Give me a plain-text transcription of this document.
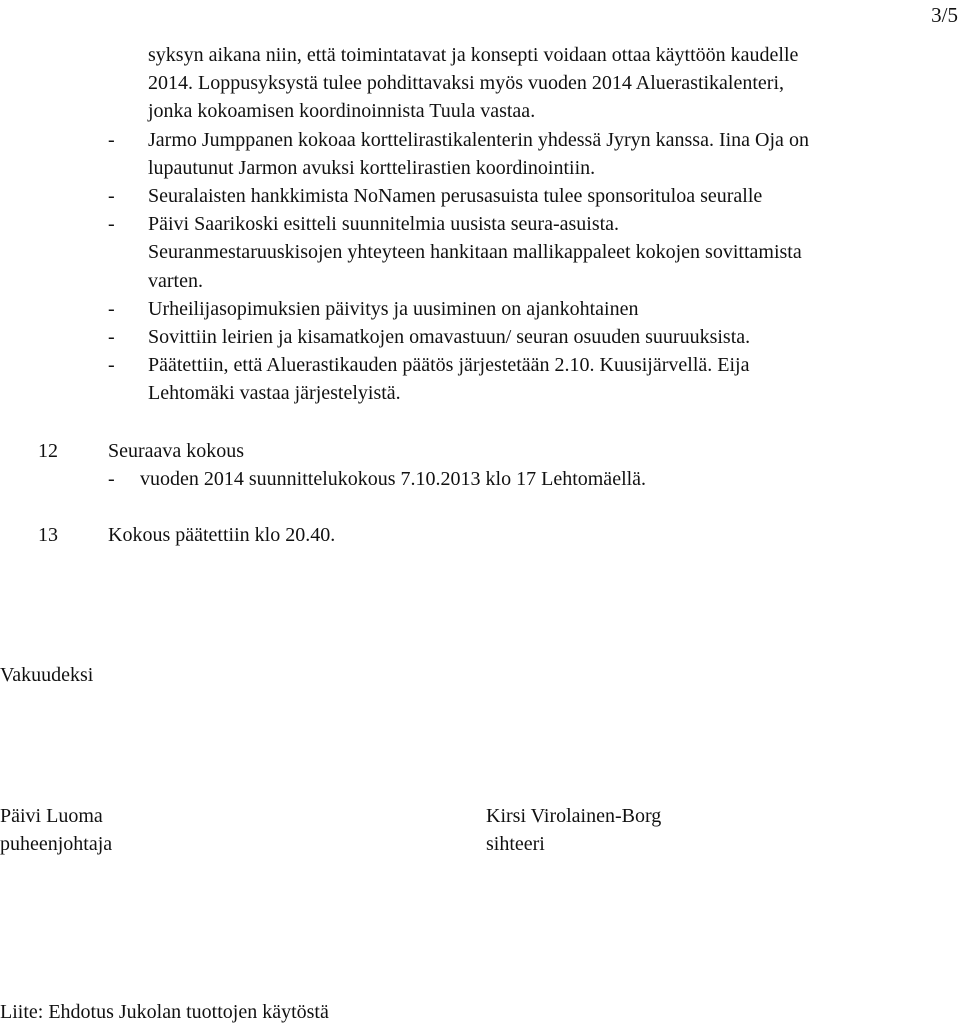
3/5
syksyn aikana niin, että toimintatavat ja konsepti voidaan ottaa käyttöön kaudelle
2014. Loppusyksystä tulee pohdittavaksi myös vuoden 2014 Aluerastikalenteri,
jonka kokoamisen koordinoinnista Tuula vastaa.
- Jarmo Jumppanen kokoaa korttelirastikalenterin yhdessä Jyryn kanssa. Iina Oja on
lupautunut Jarmon avuksi korttelirastien koordinointiin.
- Seuralaisten hankkimista NoNamen perusasuista tulee sponsorituloa seuralle
- Päivi Saarikoski esitteli suunnitelmia uusista seura-asuista.
Seuranmestaruuskisojen yhteyteen hankitaan mallikappaleet kokojen sovittamista
varten.
- Urheilijasopimuksien päivitys ja uusiminen on ajankohtainen
- Sovittiin leirien ja kisamatkojen omavastuun/ seuran osuuden suuruuksista.
- Päätettiin, että Aluerastikauden päätös järjestetään 2.10. Kuusijärvellä. Eija
Lehtomäki vastaa järjestelyistä.
12	Seuraava kokous
- vuoden 2014 suunnittelukokous 7.10.2013 klo 17 Lehtomäellä.
13	Kokous päätettiin klo 20.40.
Vakuudeksi
Päivi Luoma
puheenjohtaja
Kirsi Virolainen-Borg
sihteeri
Liite: Ehdotus Jukolan tuottojen käytöstä
